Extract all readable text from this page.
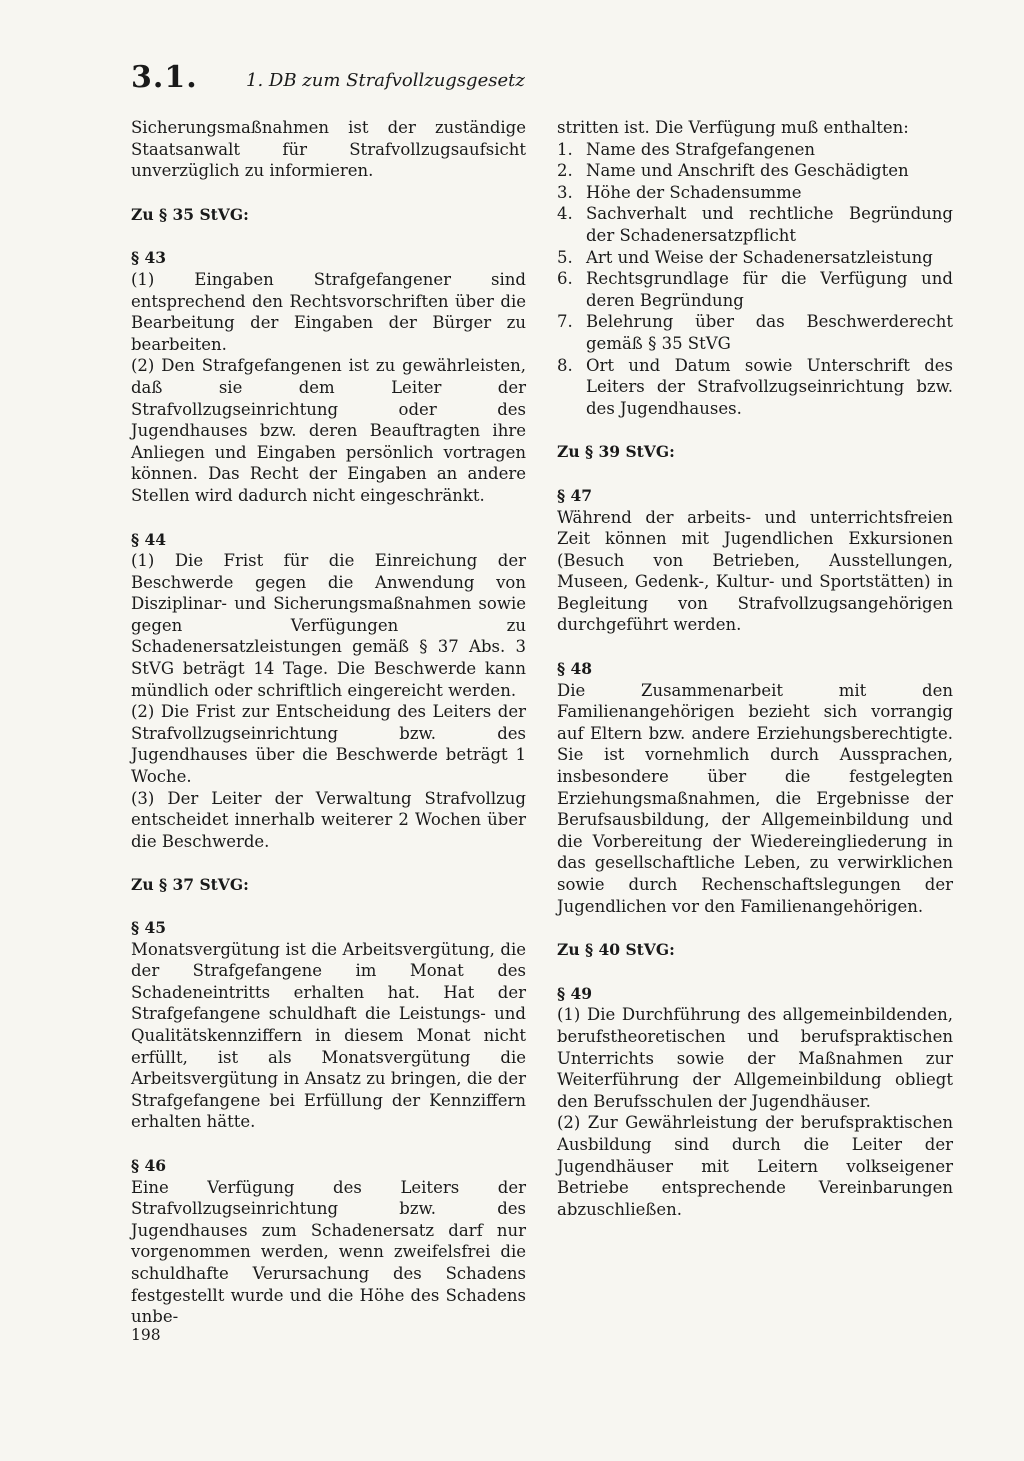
3.1.	1. DB zum Strafvollzugsgesetz

Sicherungsmaßnahmen ist der zuständige Staatsanwalt für Strafvollzugsaufsicht unverzüglich zu informieren.

Zu § 35 StVG:

§ 43

(1) Eingaben Strafgefangener sind entsprechend den Rechtsvorschriften über die Bearbeitung der Eingaben der Bürger zu bearbeiten.

(2) Den Strafgefangenen ist zu gewährleisten, daß sie dem Leiter der Strafvollzugseinrichtung oder des Jugendhauses bzw. deren Beauftragten ihre Anliegen und Eingaben persönlich vortragen können. Das Recht der Eingaben an andere Stellen wird dadurch nicht eingeschränkt.

§ 44

(1) Die Frist für die Einreichung der Beschwerde gegen die Anwendung von Disziplinar- und Sicherungsmaßnahmen sowie gegen Verfügungen zu Schadenersatzleistungen gemäß § 37 Abs. 3 StVG beträgt 14 Tage. Die Beschwerde kann mündlich oder schriftlich eingereicht werden.

(2) Die Frist zur Entscheidung des Leiters der Strafvollzugseinrichtung bzw. des Jugendhauses über die Beschwerde beträgt 1 Woche.

(3) Der Leiter der Verwaltung Strafvollzug entscheidet innerhalb weiterer 2 Wochen über die Beschwerde.

Zu § 37 StVG:

§ 45

Monatsvergütung ist die Arbeitsvergütung, die der Strafgefangene im Monat des Schadeneintritts erhalten hat. Hat der Strafgefangene schuldhaft die Leistungs- und Qualitätskennziffern in diesem Monat nicht erfüllt, ist als Monatsvergütung die Arbeitsvergütung in Ansatz zu bringen, die der Strafgefangene bei Erfüllung der Kennziffern erhalten hätte.

§ 46

Eine Verfügung des Leiters der Strafvollzugseinrichtung bzw. des Jugendhauses zum Schadenersatz darf nur vorgenommen werden, wenn zweifelsfrei die schuldhafte Verursachung des Schadens festgestellt wurde und die Höhe des Schadens unbe-

stritten ist. Die Verfügung muß enthalten:

1. Name des Strafgefangenen
2. Name und Anschrift des Geschädigten
3. Höhe der Schadensumme
4. Sachverhalt und rechtliche Begründung der Schadenersatzpflicht
5. Art und Weise der Schadenersatzleistung
6. Rechtsgrundlage für die Verfügung und deren Begründung
7. Belehrung über das Beschwerderecht gemäß § 35 StVG
8. Ort und Datum sowie Unterschrift des Leiters der Strafvollzugseinrichtung bzw. des Jugendhauses.

Zu § 39 StVG:

§ 47

Während der arbeits- und unterrichtsfreien Zeit können mit Jugendlichen Exkursionen (Besuch von Betrieben, Ausstellungen, Museen, Gedenk-, Kultur- und Sportstätten) in Begleitung von Strafvollzugsangehörigen durchgeführt werden.

§ 48

Die Zusammenarbeit mit den Familienangehörigen bezieht sich vorrangig auf Eltern bzw. andere Erziehungsberechtigte. Sie ist vornehmlich durch Aussprachen, insbesondere über die festgelegten Erziehungsmaßnahmen, die Ergebnisse der Berufsausbildung, der Allgemeinbildung und die Vorbereitung der Wiedereingliederung in das gesellschaftliche Leben, zu verwirklichen sowie durch Rechenschaftslegungen der Jugendlichen vor den Familienangehörigen.

Zu § 40 StVG:

§ 49

(1) Die Durchführung des allgemeinbildenden, berufstheoretischen und berufspraktischen Unterrichts sowie der Maßnahmen zur Weiterführung der Allgemeinbildung obliegt den Berufsschulen der Jugendhäuser.

(2) Zur Gewährleistung der berufspraktischen Ausbildung sind durch die Leiter der Jugendhäuser mit Leitern volkseigener Betriebe entsprechende Vereinbarungen abzuschließen.

198
